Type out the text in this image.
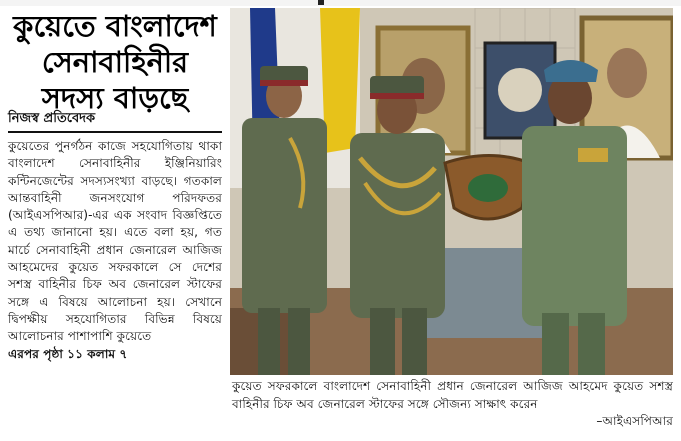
কুয়েতে বাংলাদেশ
সেনাবাহিনীর
সদস্য বাড়ছে
নিজস্ব প্রতিবেদক

কুয়েতের পুনর্গঠন কাজে সহযোগিতায় থাকা বাংলাদেশ সেনাবাহিনীর ইঞ্জিনিয়ারিং কন্টিনজেন্টের সদস্যসংখ্যা বাড়ছে। গতকাল আন্তবাহিনী জনসংযোগ পরিদফতর (আইএসপিআর)-এর এক সংবাদ বিজ্ঞপ্তিতে এ তথ্য জানানো হয়। এতে বলা হয়, গত মার্চে সেনাবাহিনী প্রধান জেনারেল আজিজ আহমেদের কুয়েত সফরকালে সে দেশের সশস্ত্র বাহিনীর চিফ অব জেনারেল স্টাফের সঙ্গে এ বিষয়ে আলোচনা হয়। সেখানে দ্বিপক্ষীয় সহযোগিতার বিভিন্ন বিষয়ে আলোচনার পাশাপাশি কুয়েতে

এরপর পৃষ্ঠা ১১ কলাম ৭

কুয়েত সফরকালে বাংলাদেশ সেনাবাহিনী প্রধান জেনারেল আজিজ আহমেদ কুয়েত সশস্ত্র বাহিনীর চিফ অব জেনারেল স্টাফের সঙ্গে সৌজন্য সাক্ষাৎ করেন

–আইএসপিআর
